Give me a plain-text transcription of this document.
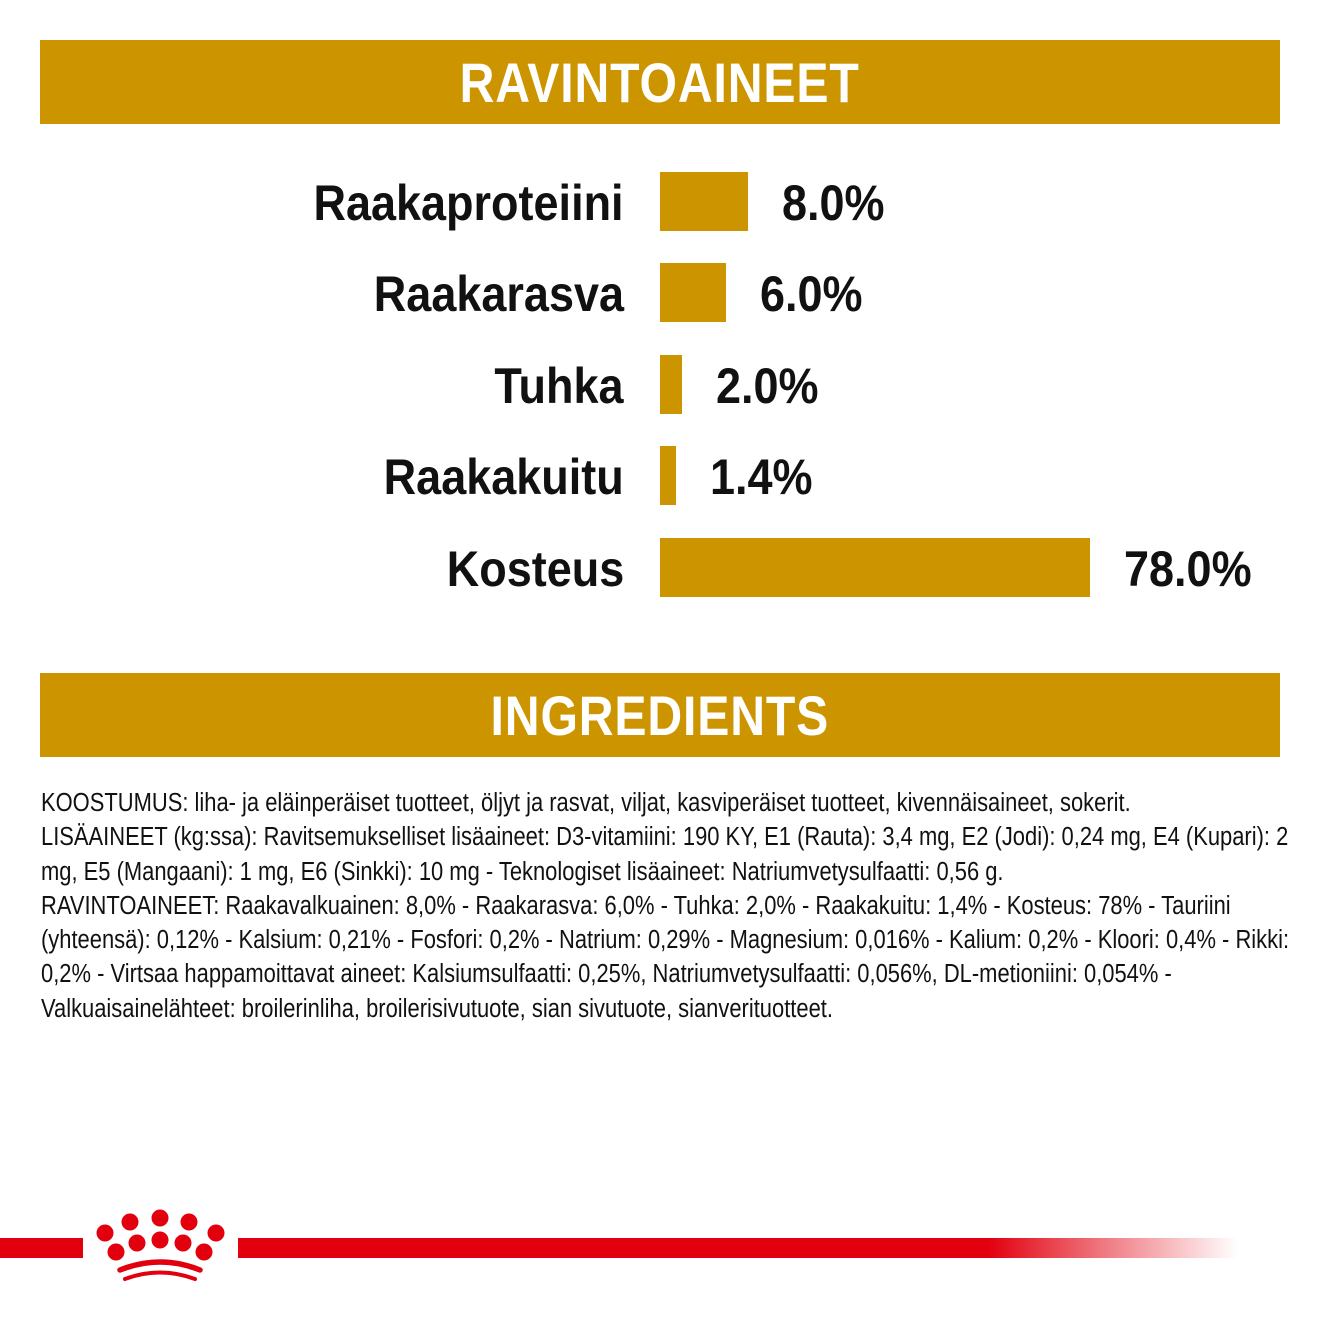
RAVINTOAINEET
Raakaproteiini	8.0%
Raakarasva	6.0%
Tuhka 2.0%
Raakakuitu 1.4%
Kosteus	78.0%
INGREDIENTS

KOOSTUMUS: liha- ja eläinperäiset tuotteet, öljyt ja rasvat, viljat, kasviperäiset tuotteet, kivennäisaineet, sokerit.

LISÄAINEET (kg:ssa): Ravitsemukselliset lisäaineet: D3-vitamiini: 190 KY, E1 (Rauta): 3,4 mg, E2 (Jodi): 0,24 mg, E4 (Kupari): 2 mg, E5 (Mangaani): 1 mg, E6 (Sinkki): 10 mg - Teknologiset lisäaineet: Natriumvetysulfaatti: 0,56 g.

RAVINTOAINEET: Raakavalkuainen: 8,0% - Raakarasva: 6,0% - Tuhka: 2,0% - Raakakuitu: 1,4% - Kosteus: 78% - Tauriini (yhteensä): 0,12% - Kalsium: 0,21% - Fosfori: 0,2% - Natrium: 0,29% - Magnesium: 0,016% - Kalium: 0,2% - Kloori: 0,4% - Rikki: 0,2% - Virtsaa happamoittavat aineet: Kalsiumsulfaatti: 0,25%, Natriumvetysulfaatti: 0,056%, DL-metioniini: 0,054% - Valkuaisainelähteet: broilerinliha, broilerisivutuote, sian sivutuote, sianverituotteet.
